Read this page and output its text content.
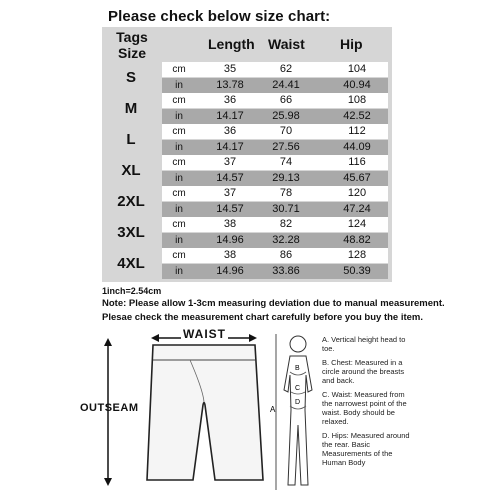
Please check below size chart:
Tags
Size
Length Waist	Hip
S	cm	35	62	104
in	13.78	24.41	40.94
M	cm	36	66	108
in	14.17	25.98	42.52
L	cm	36	70	112
in	14.17	27.56	44.09
XL	cm	37	74	116
in	14.57	29.13	45.67
2XL	cm	37	78	120
in	14.57	30.71	47.24
3XL	cm	38	82	124
in	14.96	32.28	48.82
4XL	cm	38	86	128
in	14.96	33.86	50.39
1inch=2.54cm
Note: Please allow 1-3cm measuring deviation due to manual measurement.
Plesae check the measurement chart carefully before you buy the item.
WAIST
OUTSEAM	A
B
C
D
A. Vertical height head to toe.
B. Chest: Measured in a circle around the breasts and back.
C. Waist: Measured from the narrowest point of the waist. Body should be relaxed.
D. Hips: Measured around the rear. Basic Measurements of the Human Body
